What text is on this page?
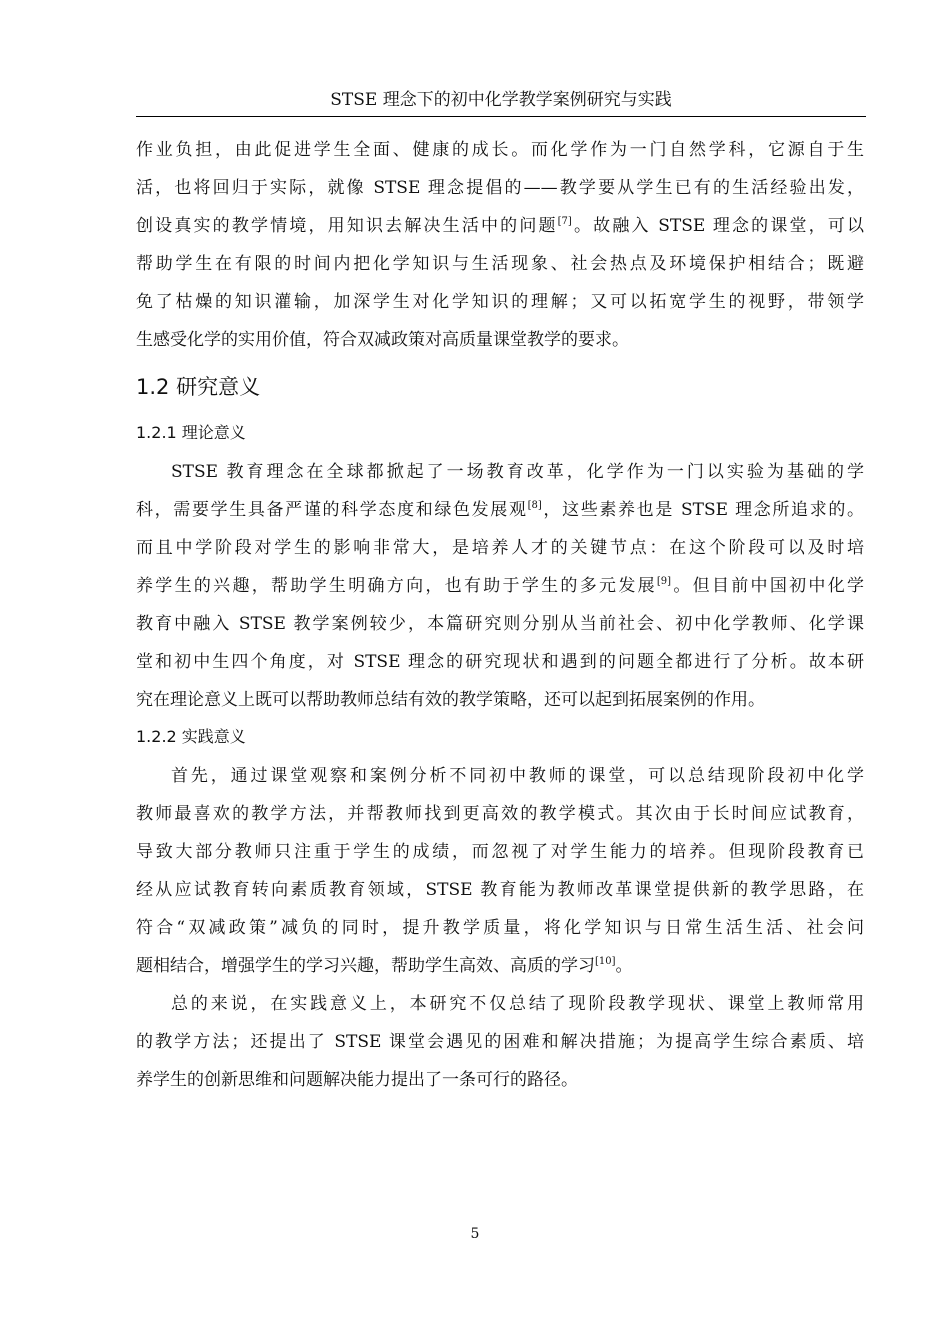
STSE 理念下的初中化学教学案例研究与实践
作业负担，由此促进学生全面、健康的成长。而化学作为一门自然学科，它源自于生
活，也将回归于实际，就像 STSE 理念提倡的——教学要从学生已有的生活经验出发，
创设真实的教学情境，用知识去解决生活中的问题[7]。故融入 STSE 理念的课堂，可以
帮助学生在有限的时间内把化学知识与生活现象、社会热点及环境保护相结合；既避
免了枯燥的知识灌输，加深学生对化学知识的理解；又可以拓宽学生的视野，带领学
生感受化学的实用价值，符合双减政策对高质量课堂教学的要求。
1.2 研究意义
1.2.1 理论意义
STSE 教育理念在全球都掀起了一场教育改革，化学作为一门以实验为基础的学
科，需要学生具备严谨的科学态度和绿色发展观[8]，这些素养也是 STSE 理念所追求的。
而且中学阶段对学生的影响非常大，是培养人才的关键节点：在这个阶段可以及时培
养学生的兴趣，帮助学生明确方向，也有助于学生的多元发展[9]。但目前中国初中化学
教育中融入 STSE 教学案例较少，本篇研究则分别从当前社会、初中化学教师、化学课
堂和初中生四个角度，对 STSE 理念的研究现状和遇到的问题全都进行了分析。故本研
究在理论意义上既可以帮助教师总结有效的教学策略，还可以起到拓展案例的作用。
1.2.2 实践意义
首先，通过课堂观察和案例分析不同初中教师的课堂，可以总结现阶段初中化学
教师最喜欢的教学方法，并帮教师找到更高效的教学模式。其次由于长时间应试教育，
导致大部分教师只注重于学生的成绩，而忽视了对学生能力的培养。但现阶段教育已
经从应试教育转向素质教育领域，STSE 教育能为教师改革课堂提供新的教学思路，在
符合“双减政策”减负的同时，提升教学质量，将化学知识与日常生活生活、社会问
题相结合，增强学生的学习兴趣，帮助学生高效、高质的学习[10]。
总的来说，在实践意义上，本研究不仅总结了现阶段教学现状、课堂上教师常用
的教学方法；还提出了 STSE 课堂会遇见的困难和解决措施；为提高学生综合素质、培
养学生的创新思维和问题解决能力提出了一条可行的路径。
5
